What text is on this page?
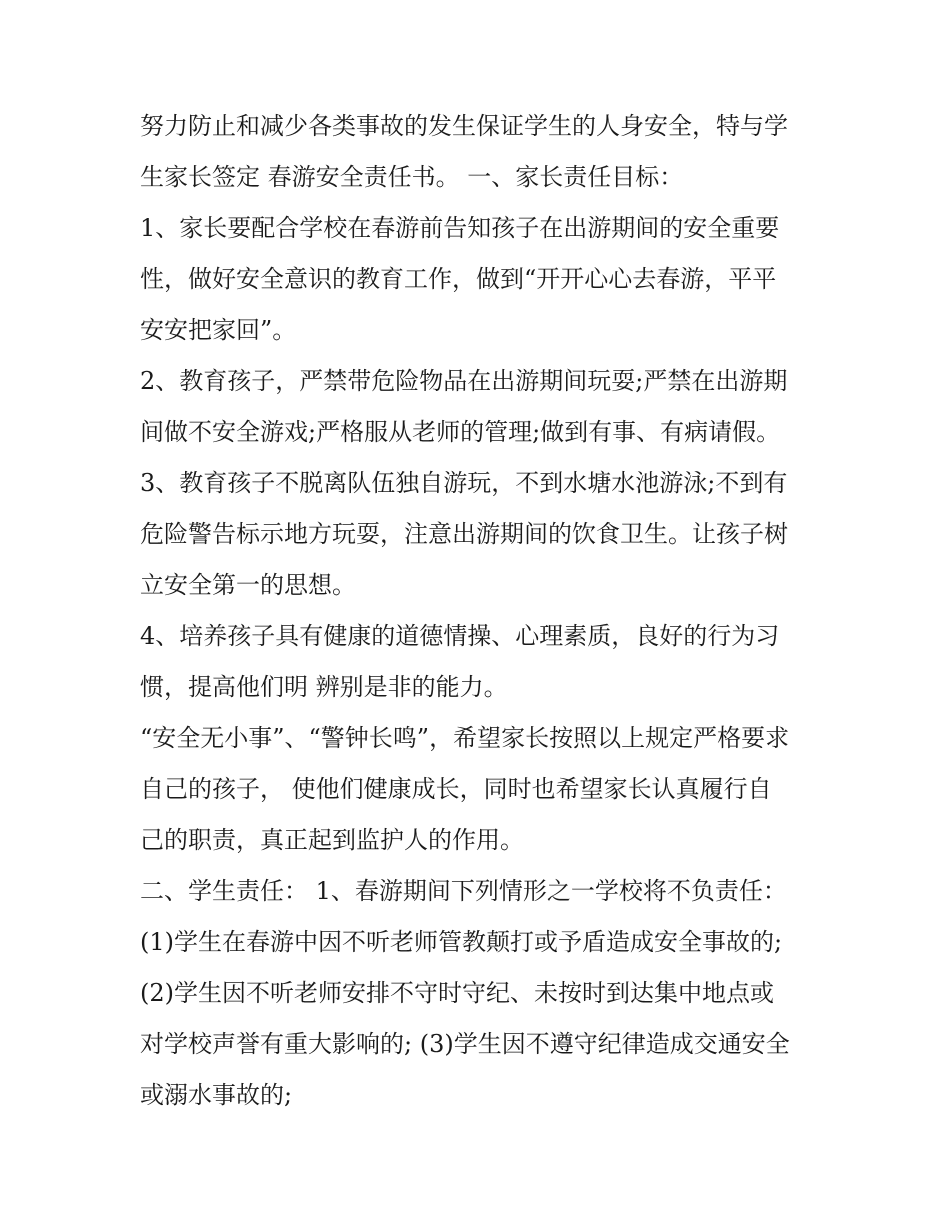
努力防止和减少各类事故的发生保证学生的人身安全，特与学
生家长签定 春游安全责任书。 一、家长责任目标：
1、家长要配合学校在春游前告知孩子在出游期间的安全重要
性，做好安全意识的教育工作，做到“开开心心去春游，平平
安安把家回”。
2、教育孩子，严禁带危险物品在出游期间玩耍;严禁在出游期
间做不安全游戏;严格服从老师的管理;做到有事、有病请假。
3、教育孩子不脱离队伍独自游玩，不到水塘水池游泳;不到有
危险警告标示地方玩耍，注意出游期间的饮食卫生。让孩子树
立安全第一的思想。
4、培养孩子具有健康的道德情操、心理素质，良好的行为习
惯，提高他们明 辨别是非的能力。
“安全无小事”、“警钟长鸣”，希望家长按照以上规定严格要求
自己的孩子， 使他们健康成长，同时也希望家长认真履行自
己的职责，真正起到监护人的作用。
二、学生责任： 1、春游期间下列情形之一学校将不负责任：
(1)学生在春游中因不听老师管教颠打或予盾造成安全事故的;
(2)学生因不听老师安排不守时守纪、未按时到达集中地点或
对学校声誉有重大影响的; (3)学生因不遵守纪律造成交通安全
或溺水事故的;
